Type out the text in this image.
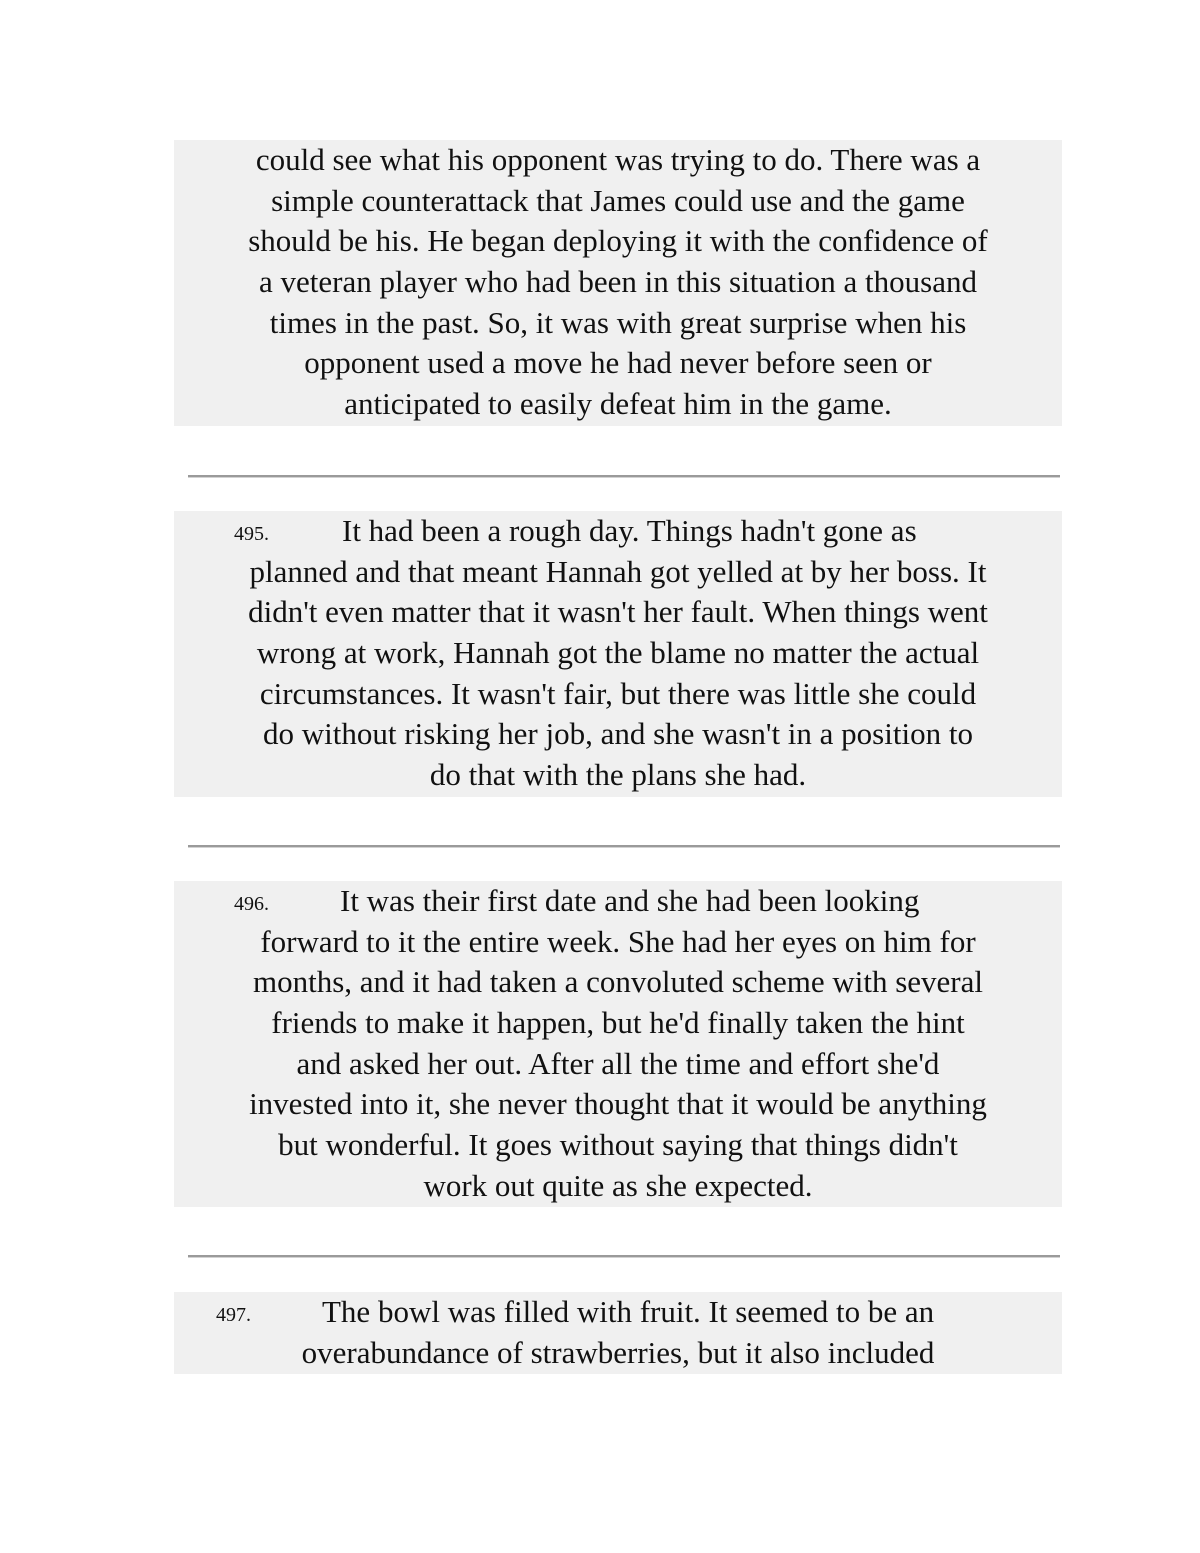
could see what his opponent was trying to do. There was a
simple counterattack that James could use and the game
should be his. He began deploying it with the confidence of
a veteran player who had been in this situation a thousand
times in the past. So, it was with great surprise when his
opponent used a move he had never before seen or
anticipated to easily defeat him in the game.
495. It had been a rough day. Things hadn't gone as
planned and that meant Hannah got yelled at by her boss. It
didn't even matter that it wasn't her fault. When things went
wrong at work, Hannah got the blame no matter the actual
circumstances. It wasn't fair, but there was little she could
do without risking her job, and she wasn't in a position to
do that with the plans she had.
496. It was their first date and she had been looking
forward to it the entire week. She had her eyes on him for
months, and it had taken a convoluted scheme with several
friends to make it happen, but he'd finally taken the hint
and asked her out. After all the time and effort she'd
invested into it, she never thought that it would be anything
but wonderful. It goes without saying that things didn't
work out quite as she expected.
497. The bowl was filled with fruit. It seemed to be an
overabundance of strawberries, but it also included
